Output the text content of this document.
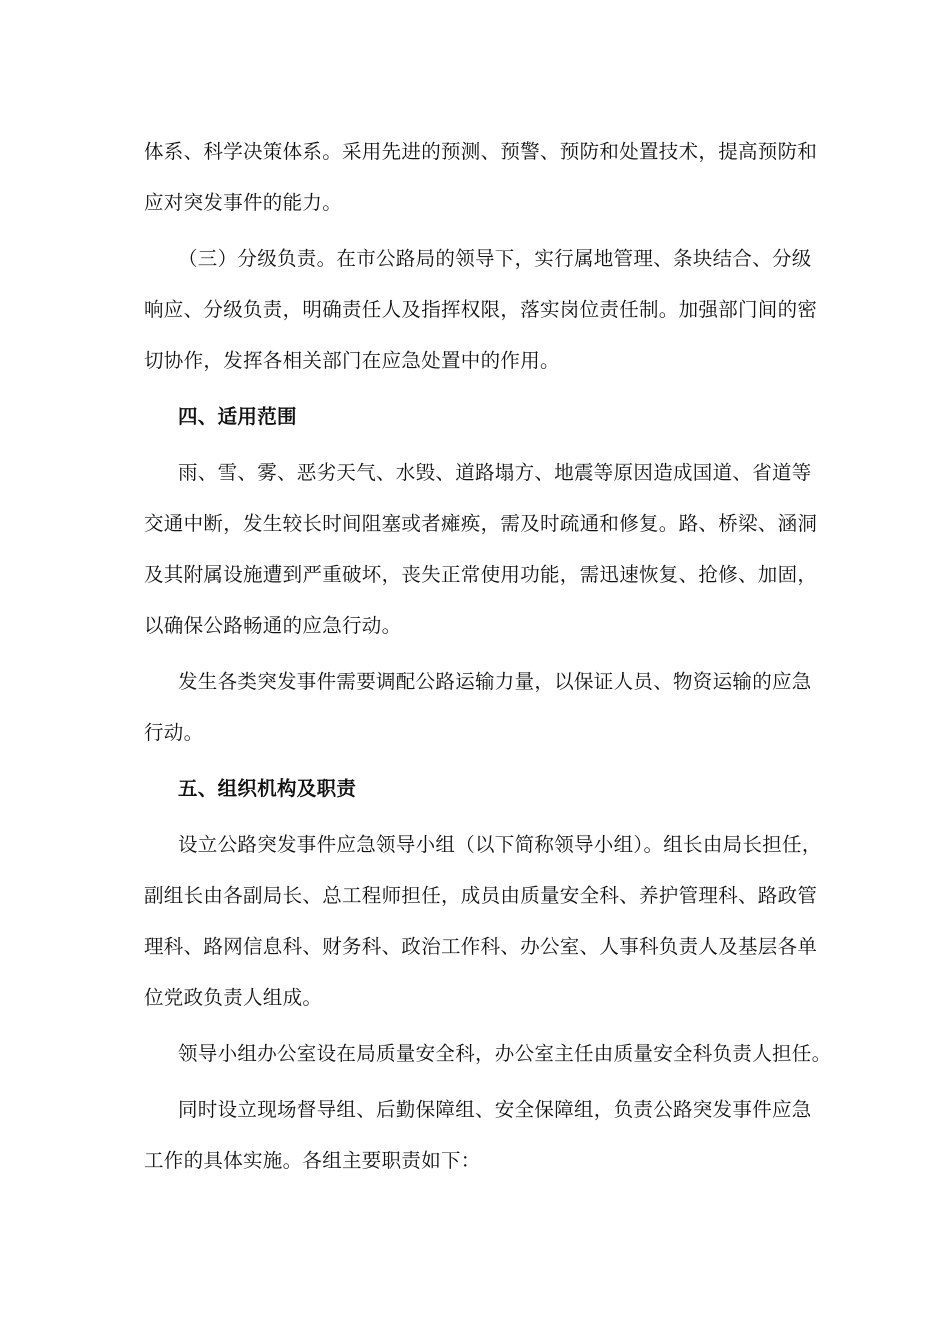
体系、科学决策体系。采用先进的预测、预警、预防和处置技术，提高预防和
应对突发事件的能力。

（三）分级负责。在市公路局的领导下，实行属地管理、条块结合、分级
响应、分级负责，明确责任人及指挥权限，落实岗位责任制。加强部门间的密
切协作，发挥各相关部门在应急处置中的作用。

四、适用范围

雨、雪、雾、恶劣天气、水毁、道路塌方、地震等原因造成国道、省道等
交通中断，发生较长时间阻塞或者瘫痪，需及时疏通和修复。路、桥梁、涵洞
及其附属设施遭到严重破坏，丧失正常使用功能，需迅速恢复、抢修、加固，
以确保公路畅通的应急行动。

发生各类突发事件需要调配公路运输力量，以保证人员、物资运输的应急
行动。

五、组织机构及职责

设立公路突发事件应急领导小组（以下简称领导小组）。组长由局长担任，
副组长由各副局长、总工程师担任，成员由质量安全科、养护管理科、路政管
理科、路网信息科、财务科、政治工作科、办公室、人事科负责人及基层各单
位党政负责人组成。

领导小组办公室设在局质量安全科，办公室主任由质量安全科负责人担任。

同时设立现场督导组、后勤保障组、安全保障组，负责公路突发事件应急
工作的具体实施。各组主要职责如下：
